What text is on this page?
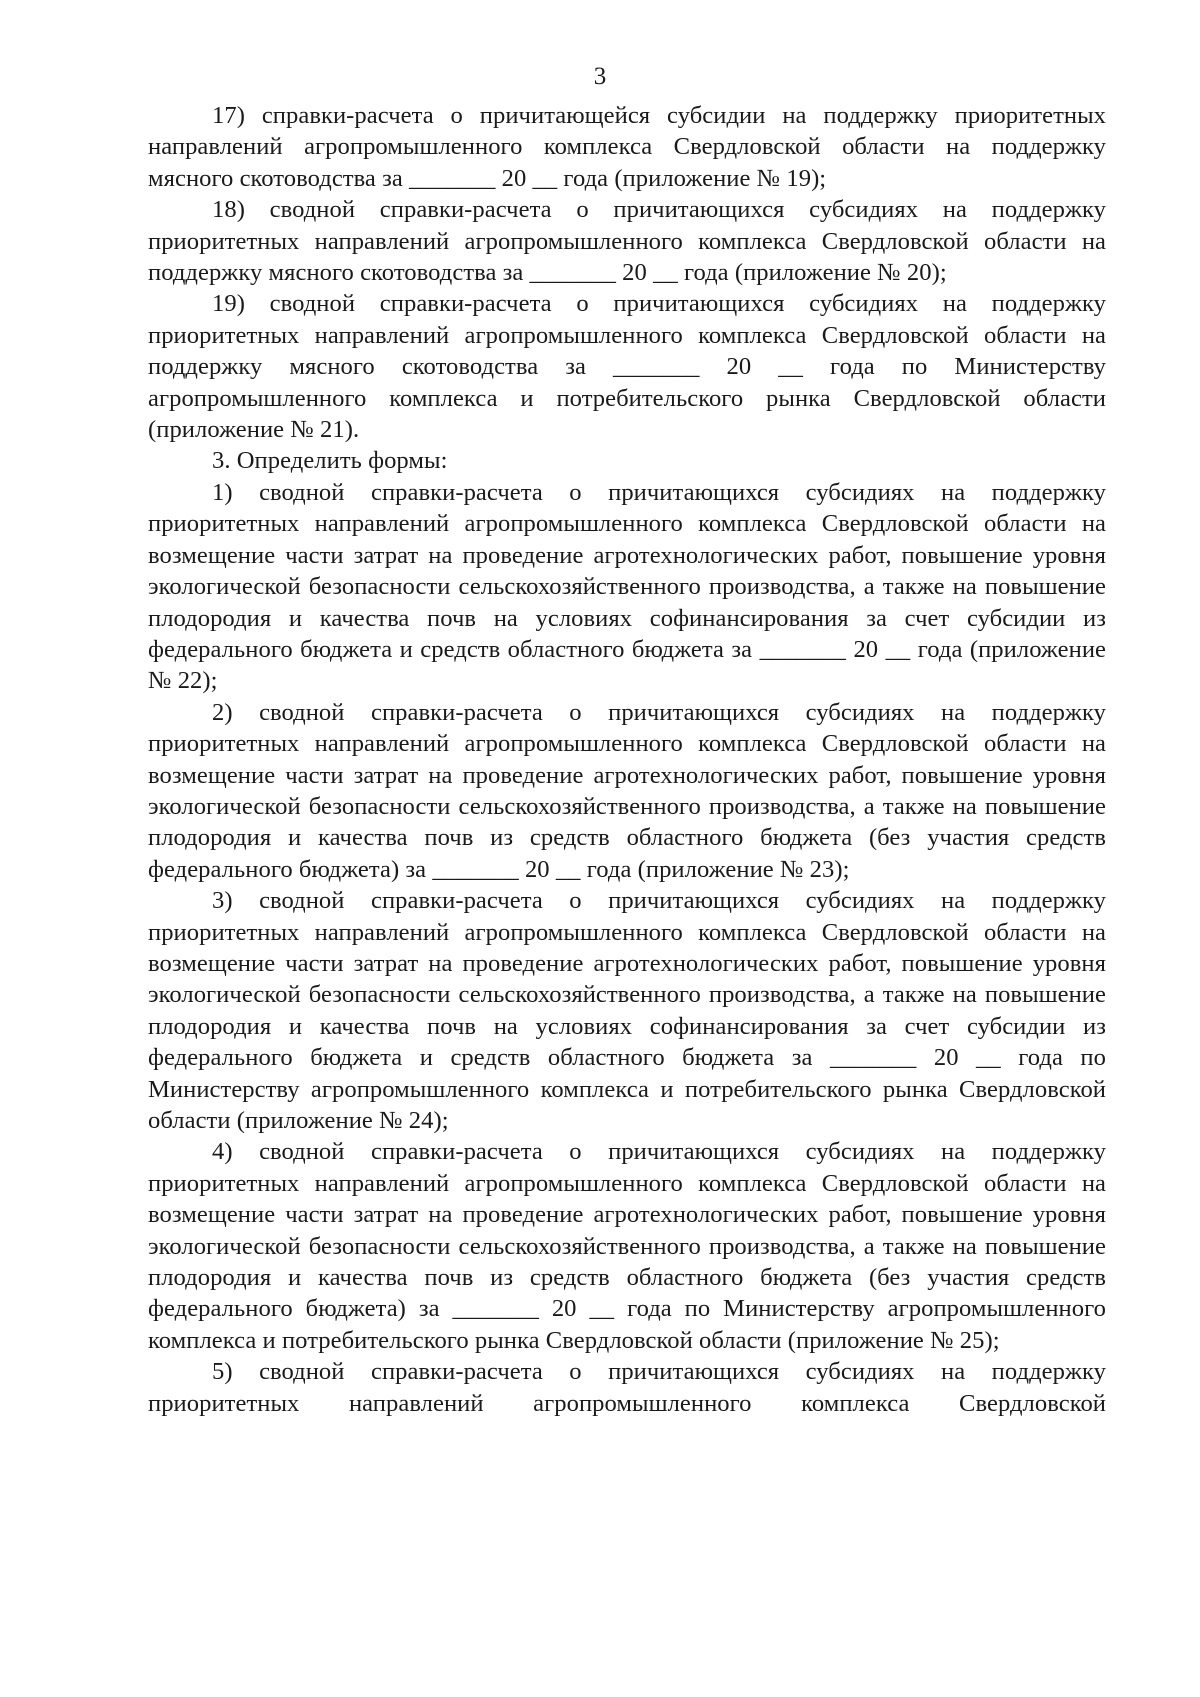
3

17) справки-расчета о причитающейся субсидии на поддержку приоритетных направлений агропромышленного комплекса Свердловской области на поддержку мясного скотоводства за _______ 20 __ года (приложение № 19);

18) сводной справки-расчета о причитающихся субсидиях на поддержку приоритетных направлений агропромышленного комплекса Свердловской области на поддержку мясного скотоводства за _______ 20 __ года (приложение № 20);

19) сводной справки-расчета о причитающихся субсидиях на поддержку приоритетных направлений агропромышленного комплекса Свердловской области на поддержку мясного скотоводства за _______ 20 __ года по Министерству агропромышленного комплекса и потребительского рынка Свердловской области (приложение № 21).

3. Определить формы:

1) сводной справки-расчета о причитающихся субсидиях на поддержку приоритетных направлений агропромышленного комплекса Свердловской области на возмещение части затрат на проведение агротехнологических работ, повышение уровня экологической безопасности сельскохозяйственного производства, а также на повышение плодородия и качества почв на условиях софинансирования за счет субсидии из федерального бюджета и средств областного бюджета за _______ 20 __ года (приложение № 22);

2) сводной справки-расчета о причитающихся субсидиях на поддержку приоритетных направлений агропромышленного комплекса Свердловской области на возмещение части затрат на проведение агротехнологических работ, повышение уровня экологической безопасности сельскохозяйственного производства, а также на повышение плодородия и качества почв из средств областного бюджета (без участия средств федерального бюджета) за _______ 20 __ года (приложение № 23);

3) сводной справки-расчета о причитающихся субсидиях на поддержку приоритетных направлений агропромышленного комплекса Свердловской области на возмещение части затрат на проведение агротехнологических работ, повышение уровня экологической безопасности сельскохозяйственного производства, а также на повышение плодородия и качества почв на условиях софинансирования за счет субсидии из федерального бюджета и средств областного бюджета за _______ 20 __ года по Министерству агропромышленного комплекса и потребительского рынка Свердловской области (приложение № 24);

4) сводной справки-расчета о причитающихся субсидиях на поддержку приоритетных направлений агропромышленного комплекса Свердловской области на возмещение части затрат на проведение агротехнологических работ, повышение уровня экологической безопасности сельскохозяйственного производства, а также на повышение плодородия и качества почв из средств областного бюджета (без участия средств федерального бюджета) за _______ 20 __ года по Министерству агропромышленного комплекса и потребительского рынка Свердловской области (приложение № 25);

5) сводной справки-расчета о причитающихся субсидиях на поддержку приоритетных направлений агропромышленного комплекса Свердловской
